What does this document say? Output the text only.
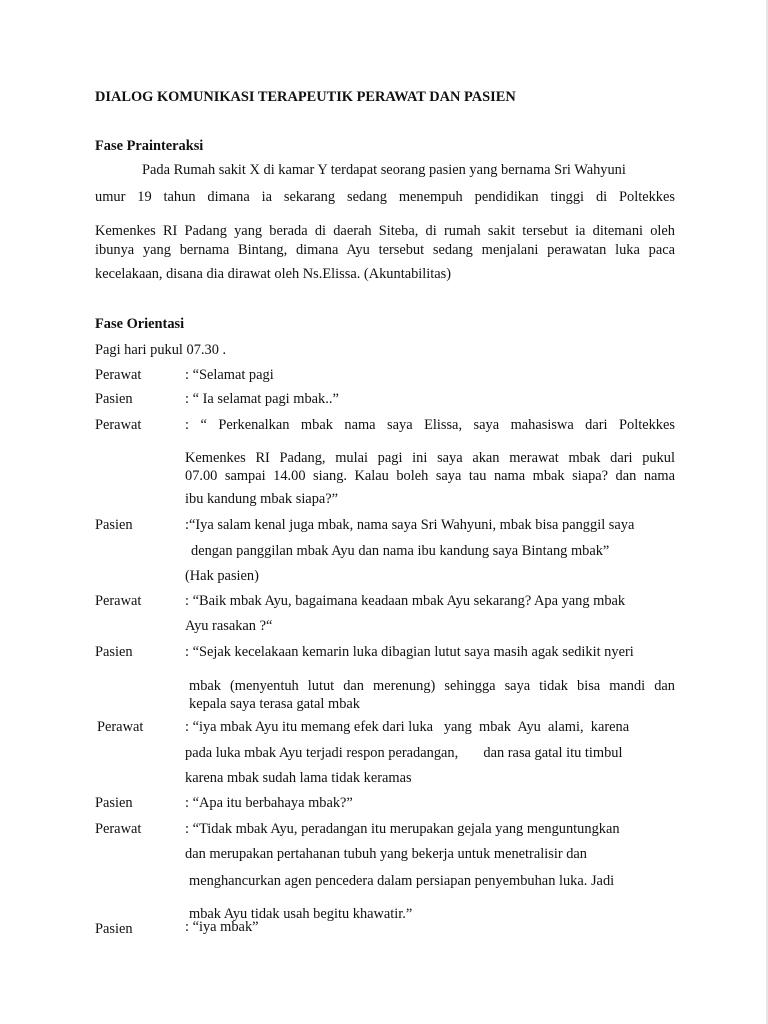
DIALOG KOMUNIKASI TERAPEUTIK PERAWAT DAN PASIEN
Fase Prainteraksi
Pada Rumah sakit X di kamar Y terdapat seorang pasien yang bernama Sri Wahyuni
umur 19 tahun dimana ia sekarang sedang menempuh pendidikan tinggi di Poltekkes
Kemenkes RI Padang yang berada di daerah Siteba, di rumah sakit tersebut ia ditemani oleh
ibunya yang bernama Bintang, dimana Ayu tersebut sedang menjalani perawatan luka paca
kecelakaan, disana dia dirawat oleh Ns.Elissa. (Akuntabilitas)
Fase Orientasi
Pagi hari pukul 07.30 .
Perawat	: “Selamat pagi
Pasien	: “ Ia selamat pagi mbak..”
Perawat	: “ Perkenalkan mbak nama saya Elissa, saya mahasiswa dari Poltekkes
Kemenkes RI Padang, mulai pagi ini saya akan merawat mbak dari pukul
07.00 sampai 14.00 siang. Kalau boleh saya tau nama mbak siapa? dan nama
ibu kandung mbak siapa?”
Pasien	:“Iya salam kenal juga mbak, nama saya Sri Wahyuni, mbak bisa panggil saya
dengan panggilan mbak Ayu dan nama ibu kandung saya Bintang mbak”
(Hak pasien)
Perawat	: “Baik mbak Ayu, bagaimana keadaan mbak Ayu sekarang? Apa yang mbak
Ayu rasakan ?“
Pasien	: “Sejak kecelakaan kemarin luka dibagian lutut saya masih agak sedikit nyeri
mbak (menyentuh lutut dan merenung) sehingga saya tidak bisa mandi dan
kepala saya terasa gatal mbak
Perawat	: “iya mbak Ayu itu memang efek dari luka   yang  mbak  Ayu  alami,  karena
pada luka mbak Ayu terjadi respon peradangan,       dan rasa gatal itu timbul
karena mbak sudah lama tidak keramas
Pasien	: “Apa itu berbahaya mbak?”
Perawat	: “Tidak mbak Ayu, peradangan itu merupakan gejala yang menguntungkan
dan merupakan pertahanan tubuh yang bekerja untuk menetralisir dan
menghancurkan agen pencedera dalam persiapan penyembuhan luka. Jadi
mbak Ayu tidak usah begitu khawatir.”
Pasien	: “iya mbak”
